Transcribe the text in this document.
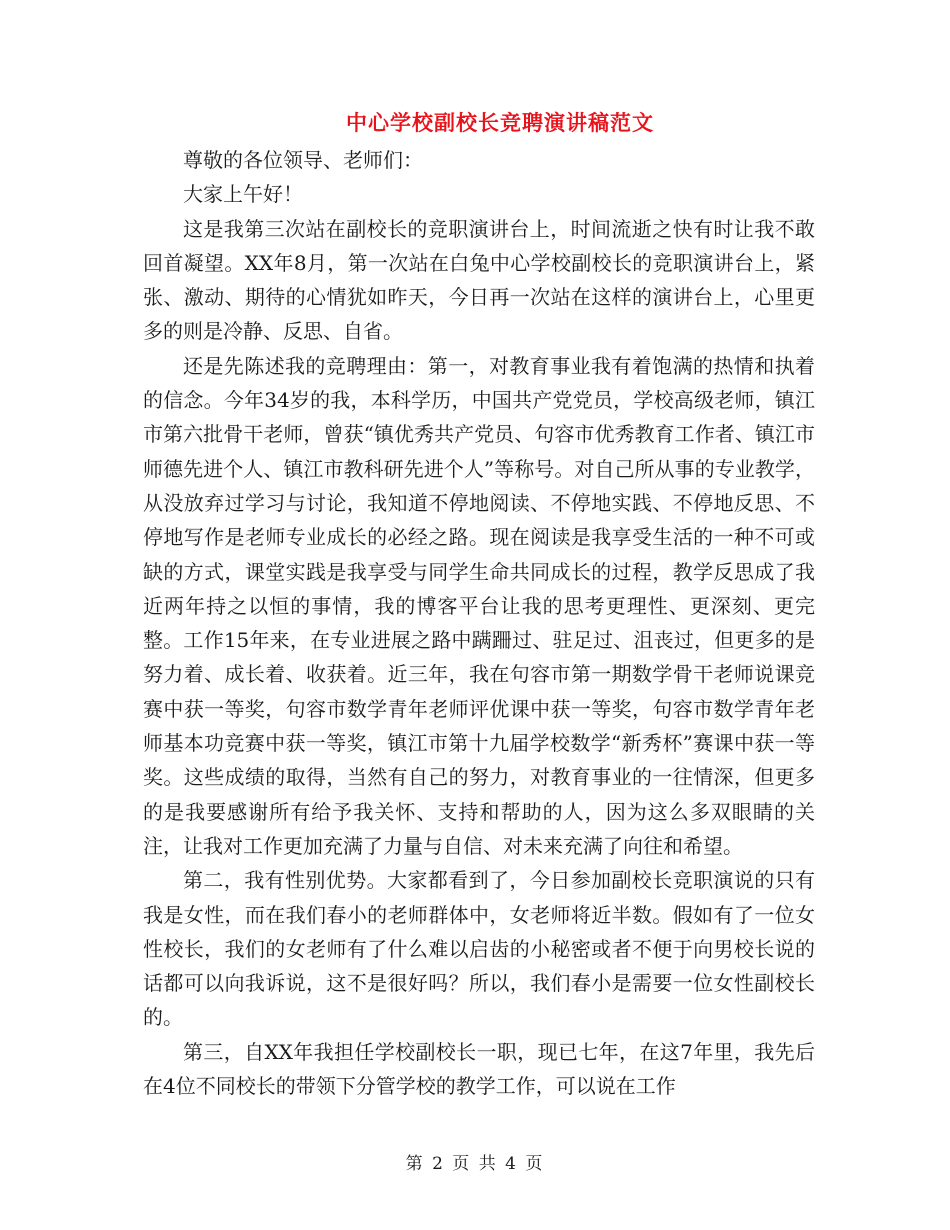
中心学校副校长竞聘演讲稿范文

尊敬的各位领导、老师们：

大家上午好！

这是我第三次站在副校长的竞职演讲台上，时间流逝之快有时让我不敢回首凝望。XX年8月，第一次站在白兔中心学校副校长的竞职演讲台上，紧张、激动、期待的心情犹如昨天，今日再一次站在这样的演讲台上，心里更多的则是冷静、反思、自省。

还是先陈述我的竞聘理由：第一，对教育事业我有着饱满的热情和执着的信念。今年34岁的我，本科学历，中国共产党党员，学校高级老师，镇江市第六批骨干老师，曾获“镇优秀共产党员、句容市优秀教育工作者、镇江市师德先进个人、镇江市教科研先进个人”等称号。对自己所从事的专业教学，从没放弃过学习与讨论，我知道不停地阅读、不停地实践、不停地反思、不停地写作是老师专业成长的必经之路。现在阅读是我享受生活的一种不可或缺的方式，课堂实践是我享受与同学生命共同成长的过程，教学反思成了我近两年持之以恒的事情，我的博客平台让我的思考更理性、更深刻、更完整。工作15年来，在专业进展之路中蹒跚过、驻足过、沮丧过，但更多的是努力着、成长着、收获着。近三年，我在句容市第一期数学骨干老师说课竞赛中获一等奖，句容市数学青年老师评优课中获一等奖，句容市数学青年老师基本功竞赛中获一等奖，镇江市第十九届学校数学“新秀杯”赛课中获一等奖。这些成绩的取得，当然有自己的努力，对教育事业的一往情深，但更多的是我要感谢所有给予我关怀、支持和帮助的人，因为这么多双眼睛的关注，让我对工作更加充满了力量与自信、对未来充满了向往和希望。

第二，我有性别优势。大家都看到了，今日参加副校长竞职演说的只有我是女性，而在我们春小的老师群体中，女老师将近半数。假如有了一位女性校长，我们的女老师有了什么难以启齿的小秘密或者不便于向男校长说的话都可以向我诉说，这不是很好吗？所以，我们春小是需要一位女性副校长的。

第三，自XX年我担任学校副校长一职，现已七年，在这7年里，我先后在4位不同校长的带领下分管学校的教学工作，可以说在工作

第 2 页 共 4 页
